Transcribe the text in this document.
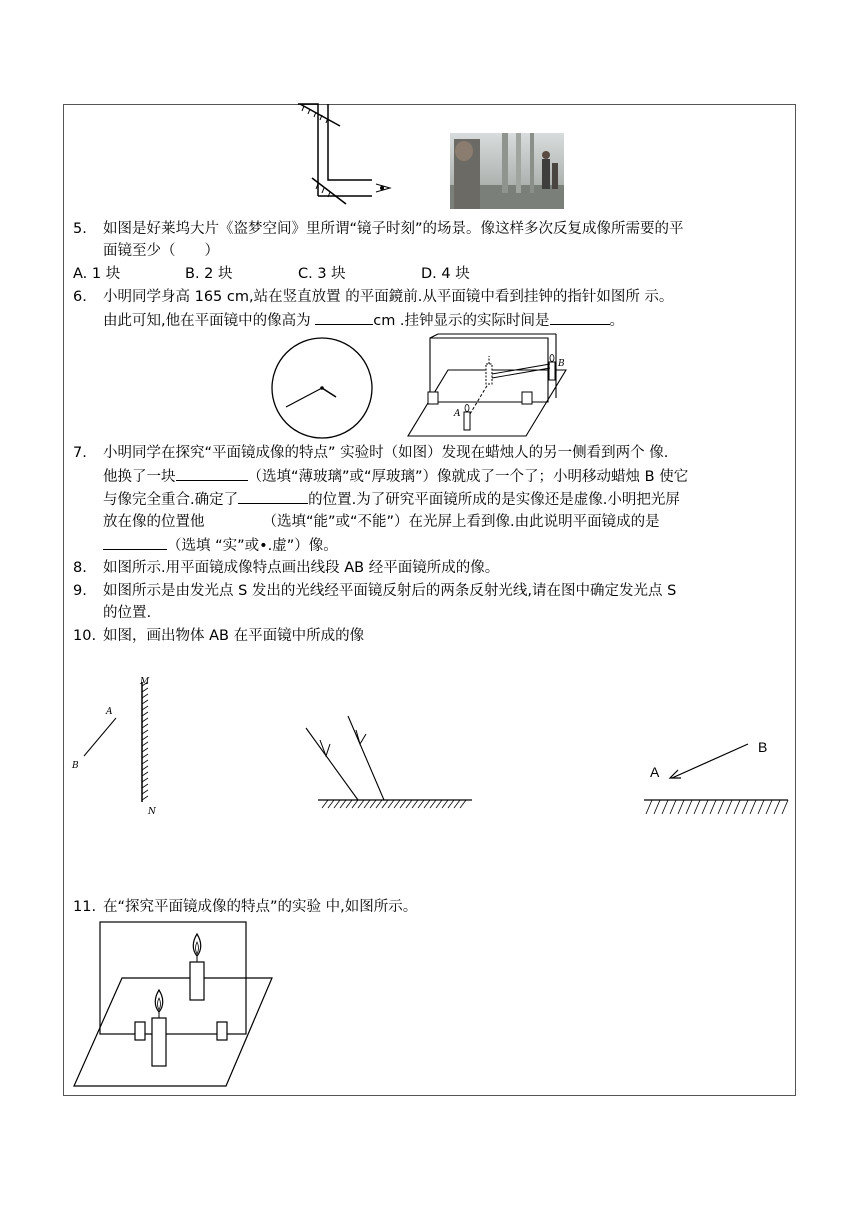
5. 如图是好莱坞大片《盗梦空间》里所谓“镜子时刻”的场景。像这样多次反复成像所需要的平
面镜至少（　　）
A. 1 块	B. 2 块	C. 3 块	D. 4 块
6. 小明同学身高 165 cm,站在竖直放置 的平面鏡前.从平面镜中看到挂钟的指针如图所 示。
由此可知,他在平面镜中的像高为	cm .挂钟显示的实际时间是	。
B
A
7. 小明同学在探究“平面镜成像的特点” 实验时（如图）发现在蜡烛人的另一侧看到两个 像.
他换了一块	（选填“薄玻璃”或“厚玻璃”）像就成了一个了；小明移动蜡烛 B 使它
与像完全重合.确定了	的位置.为了研究平面镜所成的是实像还是虚像.小明把光屏
放在像的位置他	（选填“能”或“不能”）在光屏上看到像.由此说明平面镜成的是
（选填 “实”或•.虚”）像。
8. 如图所示.用平面镜成像特点画出线段 AB 经平面镜所成的像。
9. 如图所示是由发光点 S 发出的光线经平面镜反射后的两条反射光线,请在图中确定发光点 S
的位置.
10. 如图，画出物体 AB 在平面镜中所成的像
M
A
B
N
B
A
11. 在“探究平面镜成像的特点”的实验 中,如图所示。
